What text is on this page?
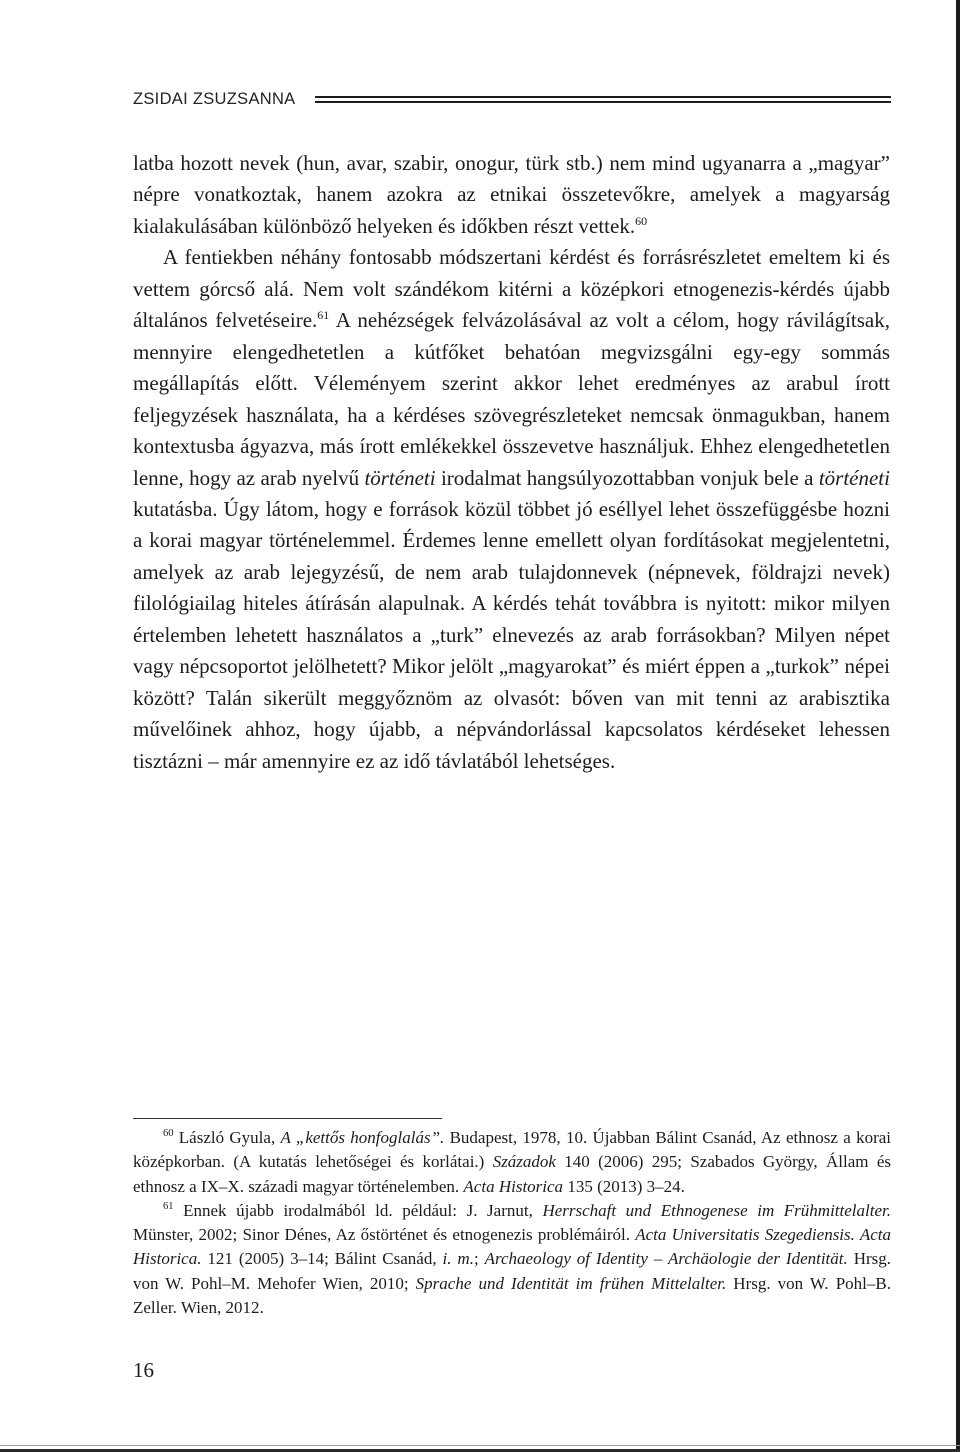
ZSIDAI ZSUZSANNA

latba hozott nevek (hun, avar, szabir, onogur, türk stb.) nem mind ugyanarra a „magyar” népre vonatkoztak, hanem azokra az etnikai összetevőkre, amelyek a magyarság kialakulásában különböző helyeken és időkben részt vettek.$^{60}$

A fentiekben néhány fontosabb módszertani kérdést és forrásrészletet emeltem ki és vettem górcső alá. Nem volt szándékom kitérni a középkori etnogenezis-kérdés újabb általános felvetéseire.$^{61}$ A nehézségek felvázolásával az volt a célom, hogy rávilágítsak, mennyire elengedhetetlen a kútfőket behatóan megvizsgálni egy-egy sommás megállapítás előtt. Véleményem szerint akkor lehet eredményes az arabul írott feljegyzések használata, ha a kérdéses szövegrészleteket nemcsak önmagukban, hanem kontextusba ágyazva, más írott emlékekkel összevetve használjuk. Ehhez elengedhetetlen lenne, hogy az arab nyelvű történeti irodalmat hangsúlyozottabban vonjuk bele a történeti kutatásba. Úgy látom, hogy e források közül többet jó eséllyel lehet összefüggésbe hozni a korai magyar történelemmel. Érdemes lenne emellett olyan fordításokat megjelentetni, amelyek az arab lejegyzésű, de nem arab tulajdonnevek (népnevek, földrajzi nevek) filológiailag hiteles átírásán alapulnak. A kérdés tehát továbbra is nyitott: mikor milyen értelemben lehetett használatos a „turk” elnevezés az arab forrásokban? Milyen népet vagy népcsoportot jelölhetett? Mikor jelölt „magyarokat” és miért éppen a „turkok” népei között? Talán sikerült meggyőznöm az olvasót: bőven van mit tenni az arabisztika művelőinek ahhoz, hogy újabb, a népvándorlással kapcsolatos kérdéseket lehessen tisztázni – már amennyire ez az idő távlatából lehetséges.

$^{60}$ László Gyula, A „kettős honfoglalás”. Budapest, 1978, 10. Újabban Bálint Csanád, Az ethnosz a korai középkorban. (A kutatás lehetőségei és korlátai.) Századok 140 (2006) 295; Szabados György, Állam és ethnosz a IX–X. századi magyar történelemben. Acta Historica 135 (2013) 3–24.

$^{61}$ Ennek újabb irodalmából ld. például: J. Jarnut, Herrschaft und Ethnogenese im Frühmittelalter. Münster, 2002; Sinor Dénes, Az őstörténet és etnogenezis problémáiról. Acta Universitatis Szegediensis. Acta Historica. 121 (2005) 3–14; Bálint Csanád, i. m.; Archaeology of Identity – Archäologie der Identität. Hrsg. von W. Pohl–M. Mehofer Wien, 2010; Sprache und Identität im frühen Mittelalter. Hrsg. von W. Pohl–B. Zeller. Wien, 2012.

16
